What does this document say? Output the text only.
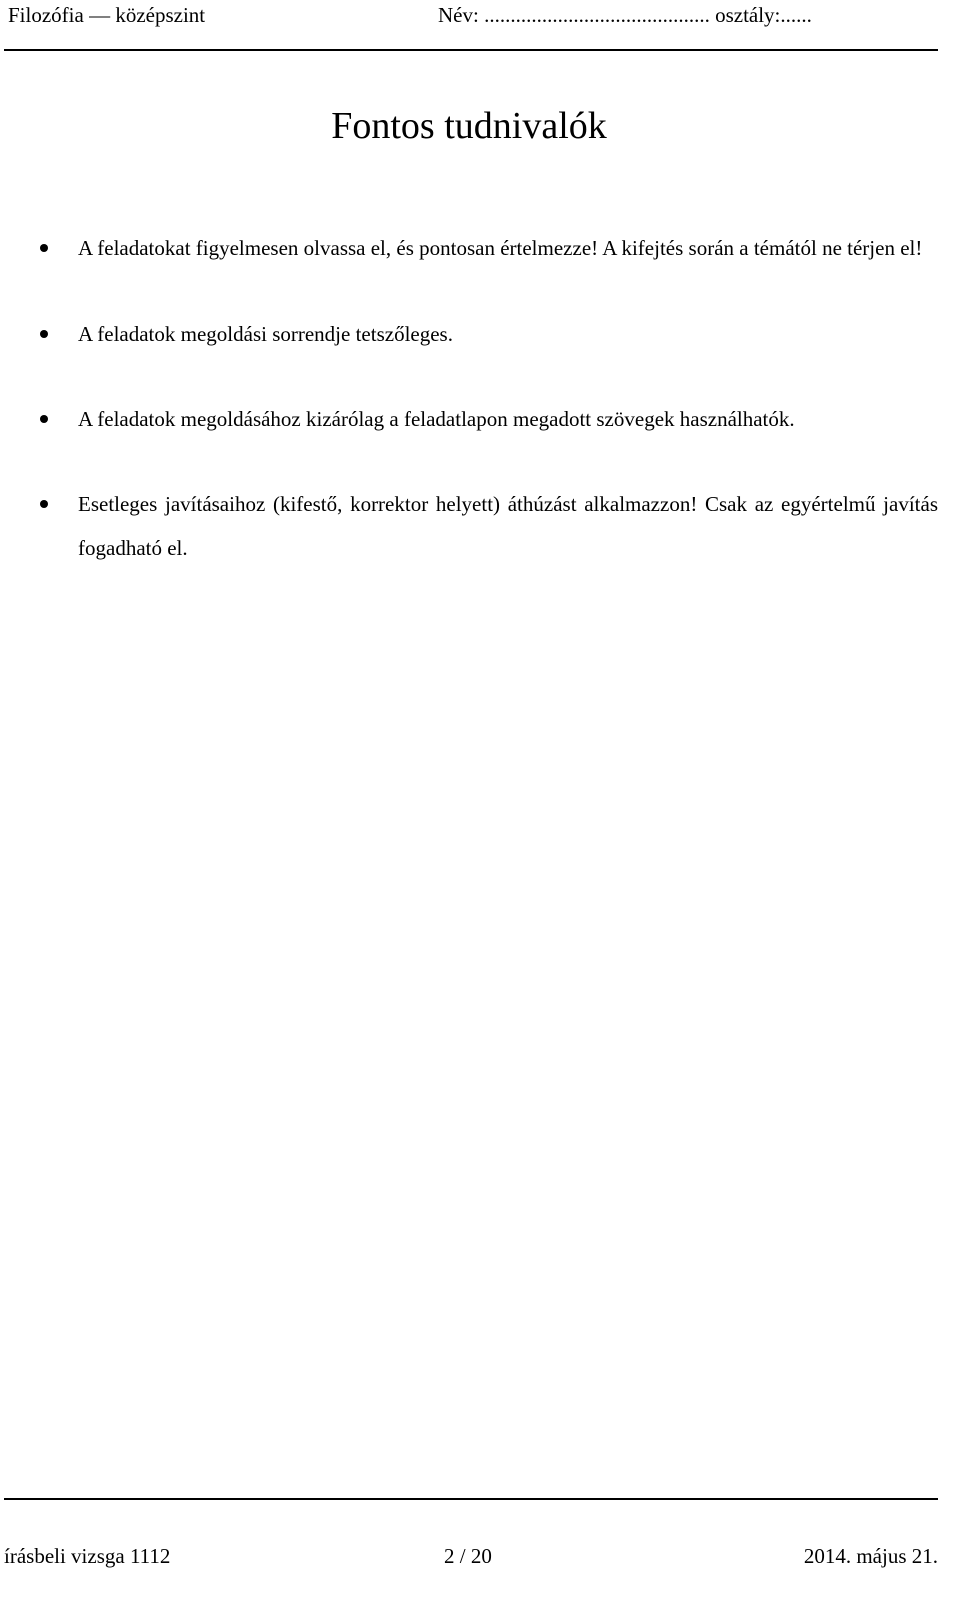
Filozófia — középszint	Név: ........................................... osztály:......
Fontos tudnivalók
A feladatokat figyelmesen olvassa el, és pontosan értelmezze! A kifejtés során a témától ne térjen el!
A feladatok megoldási sorrendje tetszőleges.
A feladatok megoldásához kizárólag a feladatlapon megadott szövegek használhatók.
Esetleges javításaihoz (kifestő, korrektor helyett) áthúzást alkalmazzon! Csak az egyértelmű javítás fogadható el.
írásbeli vizsga 1112	2 / 20	2014. május 21.
